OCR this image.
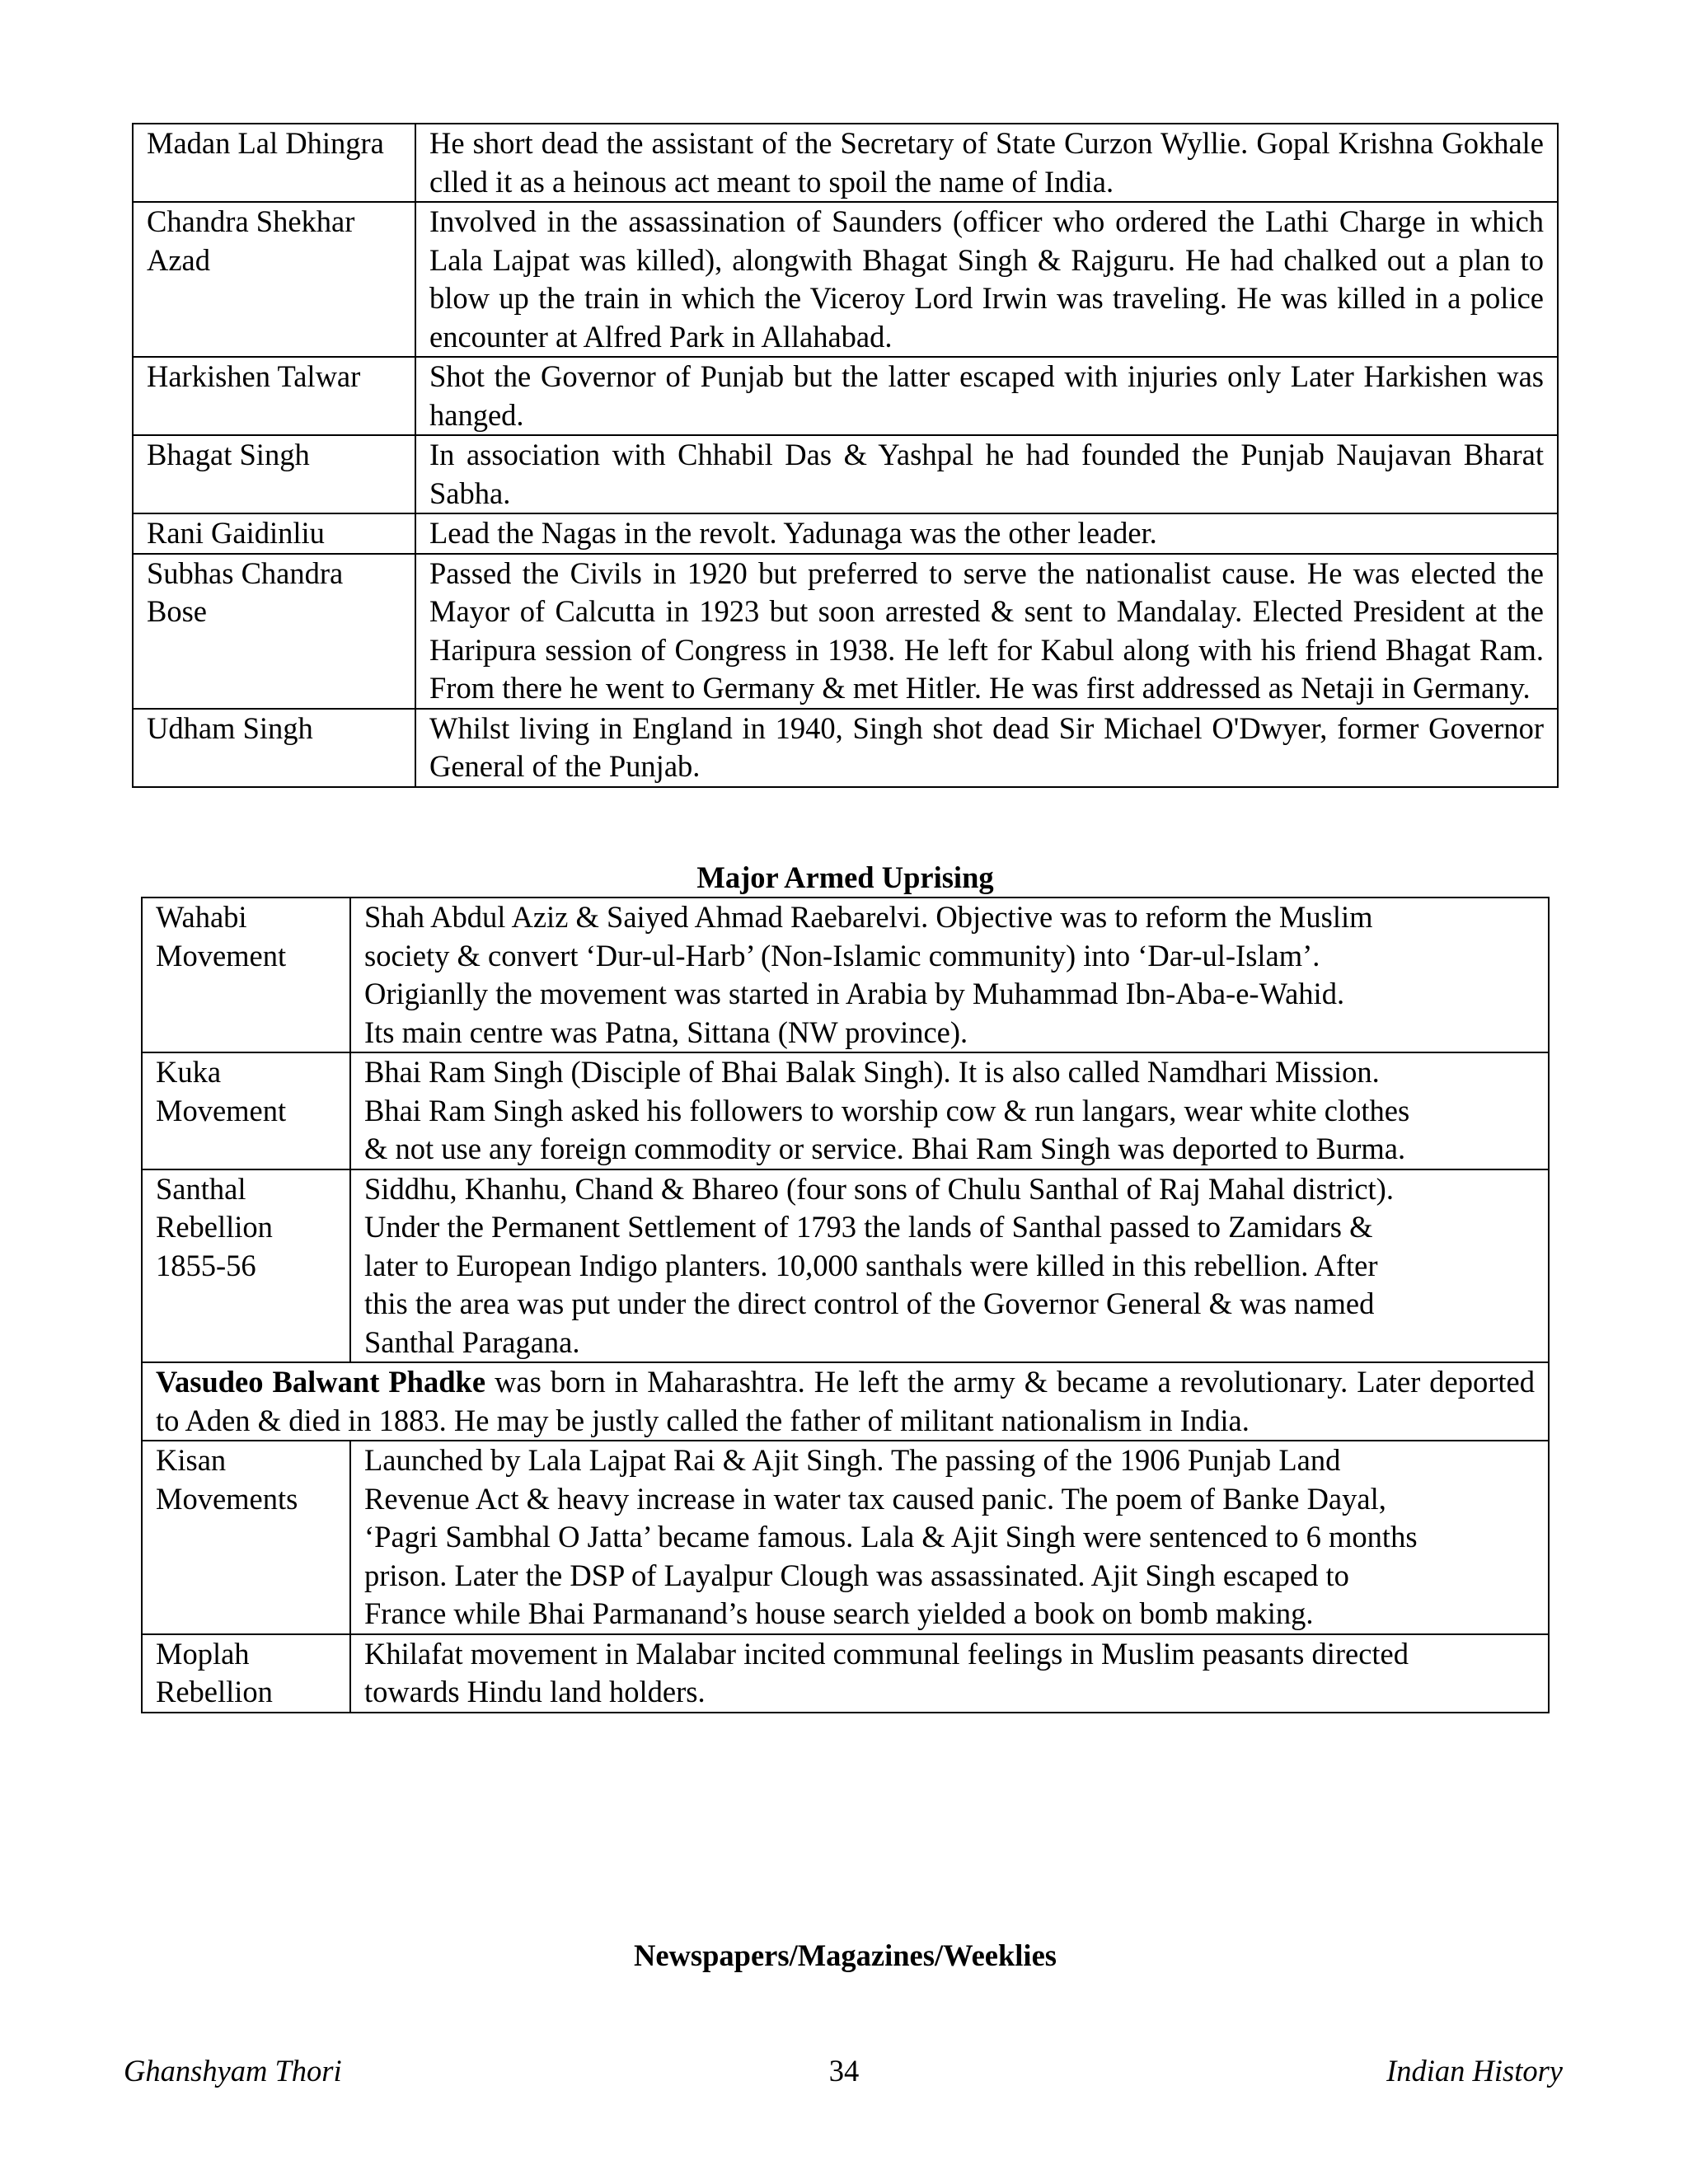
Madan Lal Dhingra	He short dead the assistant of the Secretary of State Curzon Wyllie. Gopal Krishna Gokhale clled it as a heinous act meant to spoil the name of India.
Chandra Shekhar Azad	Involved in the assassination of Saunders (officer who ordered the Lathi Charge in which Lala Lajpat was killed), alongwith Bhagat Singh & Rajguru. He had chalked out a plan to blow up the train in which the Viceroy Lord Irwin was traveling. He was killed in a police encounter at Alfred Park in Allahabad.
Harkishen Talwar	Shot the Governor of Punjab but the latter escaped with injuries only Later Harkishen was hanged.
Bhagat Singh	In association with Chhabil Das & Yashpal he had founded the Punjab Naujavan Bharat Sabha.
Rani Gaidinliu	Lead the Nagas in the revolt. Yadunaga was the other leader.
Subhas Chandra Bose	Passed the Civils in 1920 but preferred to serve the nationalist cause. He was elected the Mayor of Calcutta in 1923 but soon arrested & sent to Mandalay. Elected President at the Haripura session of Congress in 1938. He left for Kabul along with his friend Bhagat Ram. From there he went to Germany & met Hitler. He was first addressed as Netaji in Germany.
Udham Singh	Whilst living in England in 1940, Singh shot dead Sir Michael O'Dwyer, former Governor General of the Punjab.
Major Armed Uprising
Wahabi Movement	Shah Abdul Aziz & Saiyed Ahmad Raebarelvi. Objective was to reform the Muslim
society & convert ‘Dur-ul-Harb’ (Non-Islamic community) into ‘Dar-ul-Islam’.
Origianlly the movement was started in Arabia by Muhammad Ibn-Aba-e-Wahid.
Its main centre was Patna, Sittana (NW province).

Kuka Movement	Bhai Ram Singh (Disciple of Bhai Balak Singh). It is also called Namdhari Mission.
Bhai Ram Singh asked his followers to worship cow & run langars, wear white clothes
& not use any foreign commodity or service. Bhai Ram Singh was deported to Burma.

Santhal Rebellion 1855-56	Siddhu, Khanhu, Chand & Bhareo (four sons of Chulu Santhal of Raj Mahal district).
Under the Permanent Settlement of 1793 the lands of Santhal passed to Zamidars &
later to European Indigo planters. 10,000 santhals were killed in this rebellion. After
this the area was put under the direct control of the Governor General & was named
Santhal Paragana.

Vasudeo Balwant Phadke was born in Maharashtra. He left the army & became a revolutionary. Later deported to Aden & died in 1883. He may be justly called the father of militant nationalism in India.	
Kisan Movements	Launched by Lala Lajpat Rai & Ajit Singh. The passing of the 1906 Punjab Land
Revenue Act & heavy increase in water tax caused panic. The poem of Banke Dayal,
‘Pagri Sambhal O Jatta’ became famous. Lala & Ajit Singh were sentenced to 6 months
prison. Later the DSP of Layalpur Clough was assassinated. Ajit Singh escaped to
France while Bhai Parmanand’s house search yielded a book on bomb making.

Moplah Rebellion	Khilafat movement in Malabar incited communal feelings in Muslim peasants directed
towards Hindu land holders.
Newspapers/Magazines/Weeklies
Ghanshyam Thori	34	Indian History
